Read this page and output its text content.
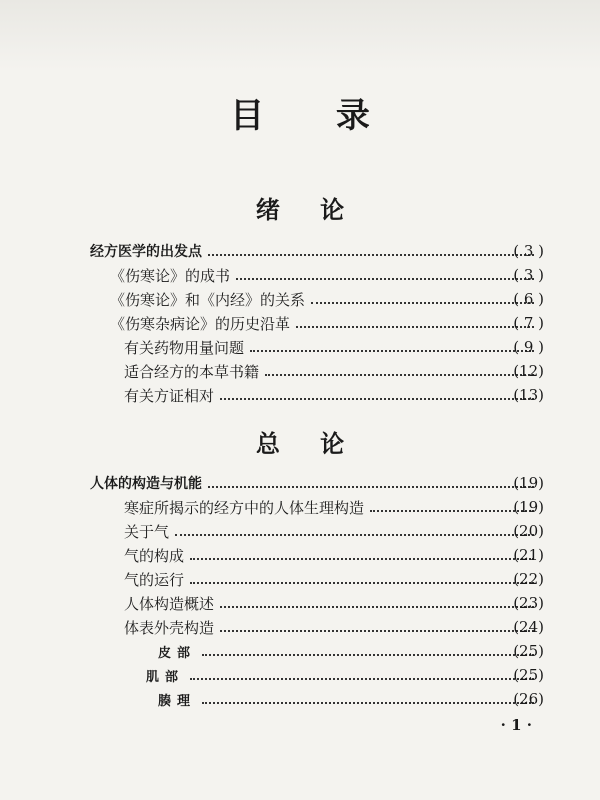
目 录
绪 论
经方医学的出发点	( 3 )
《伤寒论》的成书	( 3 )
《伤寒论》和《内经》的关系	( 6 )
《伤寒杂病论》的历史沿革	( 7 )
有关药物用量问题	( 9 )
适合经方的本草书籍	(12)
有关方证相对	(13)
总 论
人体的构造与机能	(19)
寒症所揭示的经方中的人体生理构造	(19)
关于气	(20)
气的构成	(21)
气的运行	(22)
人体构造概述	(23)
体表外壳构造	(24)
皮部	(25)
肌部	(25)
腠理	(26)
· 1 ·
